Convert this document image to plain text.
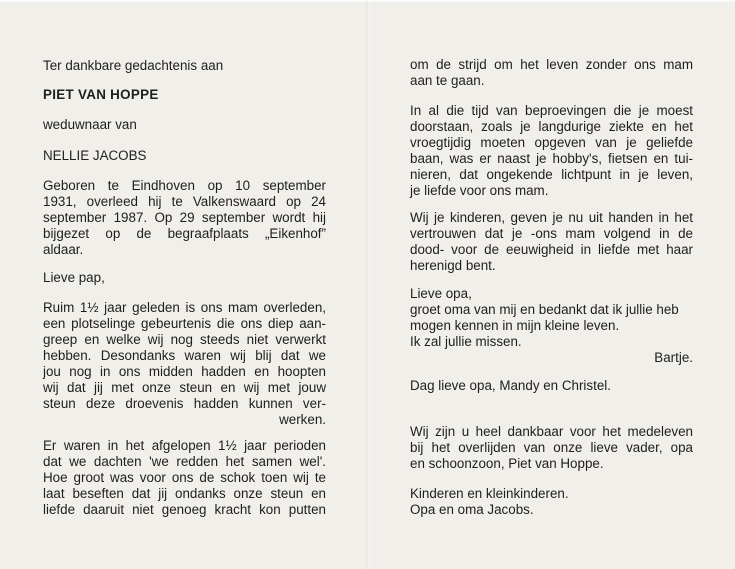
Ter dankbare gedachtenis aan
PIET VAN HOPPE
weduwnaar van
NELLIE JACOBS
Geboren te Eindhoven op 10 september
1931, overleed hij te Valkenswaard op 24
september 1987. Op 29 september wordt hij
bijgezet op de begraafplaats „Eikenhof”
aldaar.
Lieve pap,
Ruim 1½ jaar geleden is ons mam overleden,
een plotselinge gebeurtenis die ons diep aan-
greep en welke wij nog steeds niet verwerkt
hebben. Desondanks waren wij blij dat we
jou nog in ons midden hadden en hoopten
wij dat jij met onze steun en wij met jouw
steun deze droevenis hadden kunnen ver-
werken.
Er waren in het afgelopen 1½ jaar perioden
dat we dachten 'we redden het samen wel'.
Hoe groot was voor ons de schok toen wij te
laat beseften dat jij ondanks onze steun en
liefde daaruit niet genoeg kracht kon putten
om de strijd om het leven zonder ons mam
aan te gaan.
In al die tijd van beproevingen die je moest
doorstaan, zoals je langdurige ziekte en het
vroegtijdig moeten opgeven van je geliefde
baan, was er naast je hobby's, fietsen en tui-
nieren, dat ongekende lichtpunt in je leven,
je liefde voor ons mam.
Wij je kinderen, geven je nu uit handen in het
vertrouwen dat je -ons mam volgend in de
dood- voor de eeuwigheid in liefde met haar
herenigd bent.
Lieve opa,
groet oma van mij en bedankt dat ik jullie heb
mogen kennen in mijn kleine leven.
Ik zal jullie missen.
Bartje.
Dag lieve opa, Mandy en Christel.
Wij zijn u heel dankbaar voor het medeleven
bij het overlijden van onze lieve vader, opa
en schoonzoon, Piet van Hoppe.
Kinderen en kleinkinderen.
Opa en oma Jacobs.
